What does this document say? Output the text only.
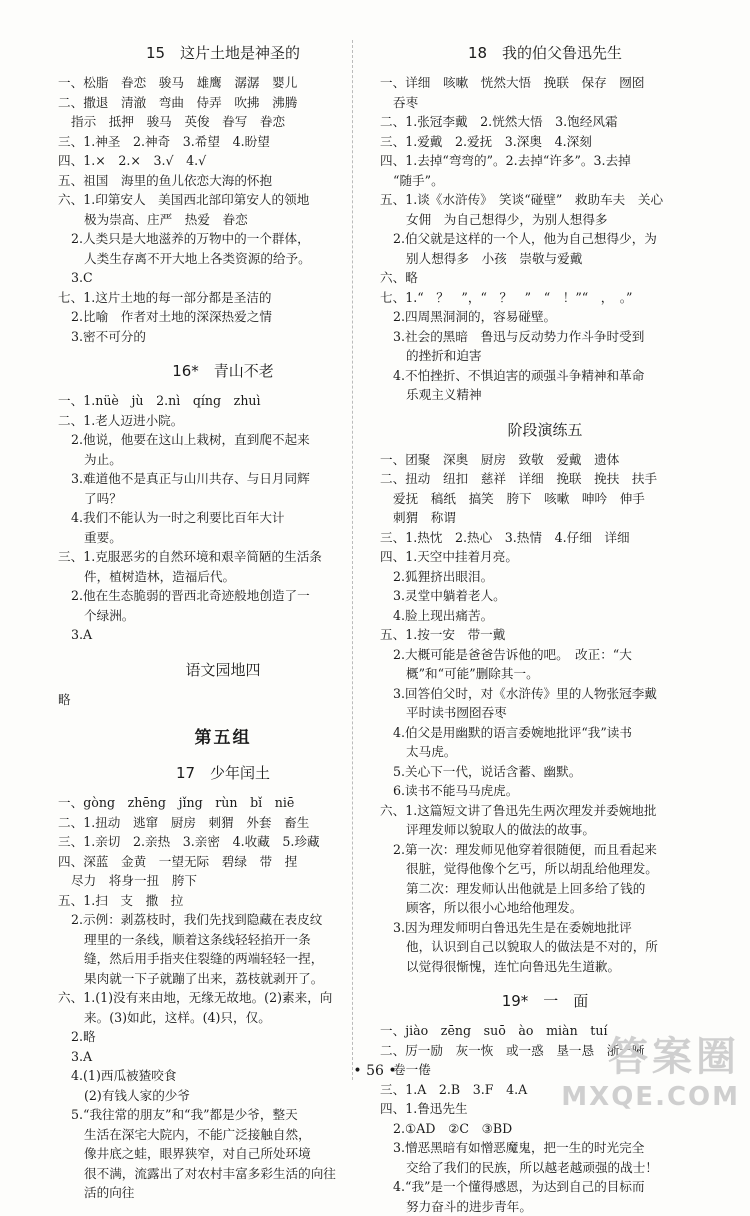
15　这片土地是神圣的
一、松脂　眷恋　骏马　雄鹰　潺潺　婴儿
二、撒退　清澈　弯曲　侍弄　吹拂　沸腾
指示　抵押　骏马　英俊　眷写　眷恋
三、1.神圣　2.神奇　3.希望　4.盼望
四、1.×　2.×　3.√　4.√
五、祖国　海里的鱼儿依恋大海的怀抱
六、1.印第安人　美国西北部印第安人的领地
极为崇高、庄严　热爱　眷恋
2.人类只是大地滋养的万物中的一个群体，
人类生存离不开大地上各类资源的给予。
3.C
七、1.这片土地的每一部分都是圣洁的
2.比喻　作者对土地的深深热爱之情
3.密不可分的
16*　青山不老
一、1.nüè　jù　2.nì　qíng　zhuì
二、1.老人迈进小院。
2.他说，他要在这山上栽树，直到爬不起来
为止。
3.难道他不是真正与山川共存、与日月同辉
了吗？
4.我们不能认为一时之利要比百年大计
重要。
三、1.克服恶劣的自然环境和艰辛简陋的生活条
件，植树造林，造福后代。
2.他在生态脆弱的晋西北奇迹般地创造了一
个绿洲。
3.A
语文园地四
略
第五组
17　少年闰土
一、gòng　zhēng　jǐng　rùn　bǐ　niē
二、1.扭动　逃窜　厨房　刺猬　外套　畜生
三、1.亲切　2.亲热　3.亲密　4.收藏　5.珍藏
四、深蓝　金黄　一望无际　碧绿　带　捏
尽力　将身一扭　胯下
五、1.扫　支　撒　拉
2.示例：剥荔枝时，我们先找到隐藏在表皮纹
理里的一条线，顺着这条线轻轻掐开一条
缝，然后用手指夹住裂缝的两端轻轻一捏，
果肉就一下子就蹦了出来，荔枝就剥开了。
六、1.(1)没有来由地，无缘无故地。(2)素来，向
来。(3)如此，这样。(4)只，仅。
2.略
3.A
4.(1)西瓜被猹咬食
(2)有钱人家的少爷
5.“我往常的朋友”和“我”都是少爷，整天
生活在深宅大院内，不能广泛接触自然，
像井底之蛙，眼界狭窄，对自己所处环境
很不满，流露出了对农村丰富多彩生活的向往
活的向往
18　我的伯父鲁迅先生
一、详细　咳嗽　恍然大悟　挽联　保存　囫囵
吞枣
二、1.张冠李戴　2.恍然大悟　3.饱经风霜
三、1.爱戴　2.爱抚　3.深奥　4.深刻
四、1.去掉“弯弯的”。2.去掉“许多”。3.去掉
“随手”。
五、1.谈《水浒传》　笑谈“碰壁”　救助车夫　关心
女佣　为自己想得少，为别人想得多
2.伯父就是这样的一个人，他为自己想得少，为
别人想得多　小孩　崇敬与爱戴
六、略
七、1.“　？　”，“　？　”　“　！”“　，　。”
2.四周黑洞洞的，容易碰壁。
3.社会的黑暗　鲁迅与反动势力作斗争时受到
的挫折和迫害
4.不怕挫折、不惧迫害的顽强斗争精神和革命
乐观主义精神
阶段演练五
一、团聚　深奥　厨房　致敬　爱戴　遗体
二、扭动　纽扣　慈祥　详细　挽联　挽扶　扶手
爱抚　稿纸　搞笑　胯下　咳嗽　呻吟　伸手
刺猬　称谓
三、1.热忱　2.热心　3.热情　4.仔细　详细
四、1.天空中挂着月亮。
2.狐狸挤出眼泪。
3.灵堂中躺着老人。
4.脸上现出痛苦。
五、1.按一安　带一戴
2.大概可能是爸爸告诉他的吧。　改正：“大
概”和“可能”删除其一。
3.回答伯父时，对《水浒传》里的人物张冠李戴
平时读书囫囵吞枣
4.伯父是用幽默的语言委婉地批评“我”读书
太马虎。
5.关心下一代，说话含蓄、幽默。
6.读书不能马马虎虎。
六、1.这篇短文讲了鲁迅先生两次理发并委婉地批
评理发师以貌取人的做法的故事。
2.第一次：理发师见他穿着很随便，而且看起来
很脏，觉得他像个乞丐，所以胡乱给他理发。
第二次：理发师认出他就是上回多给了钱的
顾客，所以很小心地给他理发。
3.因为理发师明白鲁迅先生是在委婉地批评
他，认识到自己以貌取人的做法是不对的，所
以觉得很惭愧，连忙向鲁迅先生道歉。
19*　一　面
一、jiào　zēng　suō　ào　miàn　tuí
二、厉一励　灰一恢　或一惑　垦一恳　浙一晰
卷一倦
三、1.A　2.B　3.F　4.A
四、1.鲁迅先生
2.①AD　②C　③BD
3.憎恶黑暗有如憎恶魔鬼，把一生的时光完全
交给了我们的民族，所以越老越顽强的战士！
4.“我”是一个懂得感恩，为达到自己的目标而
努力奋斗的进步青年。
• 56 •	答案圈
MXQE.COM
